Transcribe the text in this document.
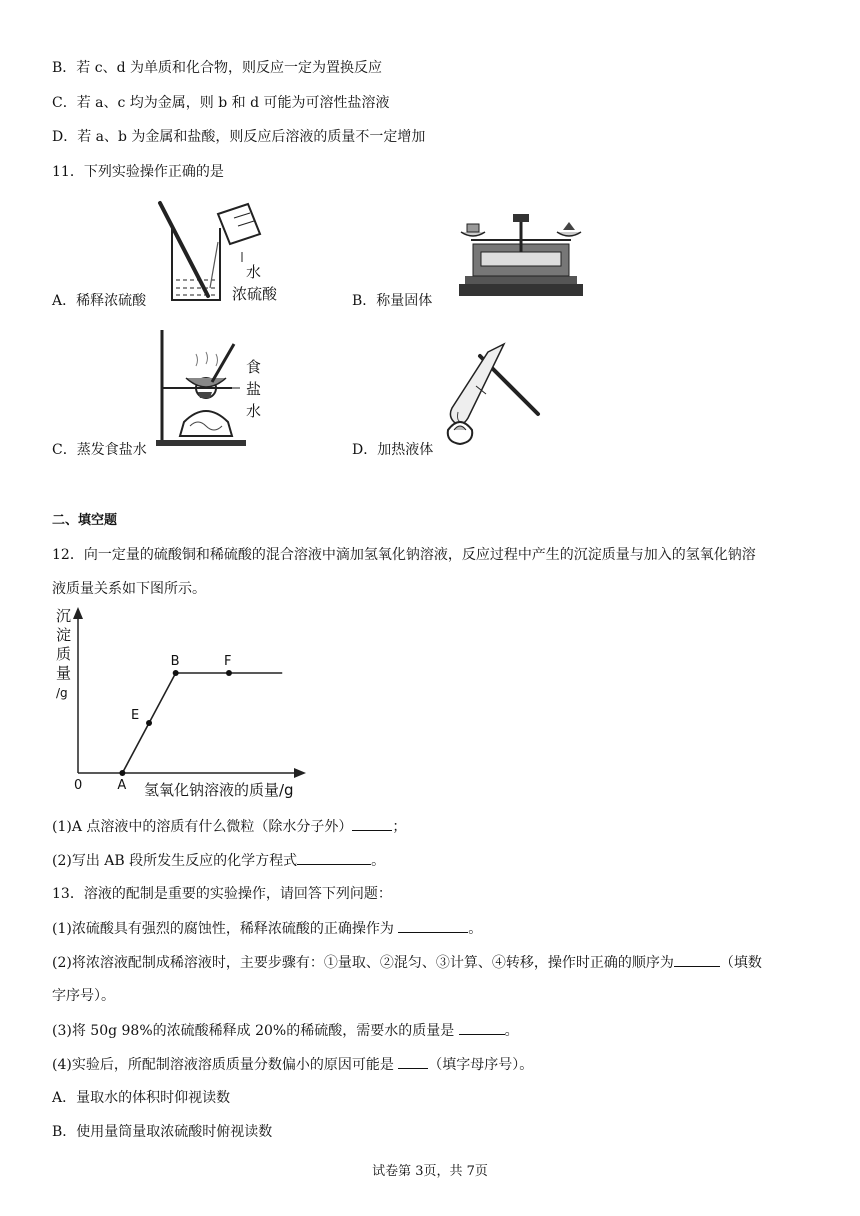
B．若 c、d 为单质和化合物，则反应一定为置换反应
C．若 a、c 均为金属，则 b 和 d 可能为可溶性盐溶液
D．若 a、b 为金属和盐酸，则反应后溶液的质量不一定增加
11．下列实验操作正确的是
A．稀释浓硫酸
水
浓硫酸	B．称量固体
C．蒸发食盐水
食
盐
水
D．加热液体
二、填空题
12．向一定量的硫酸铜和稀硫酸的混合溶液中滴加氢氧化钠溶液，反应过程中产生的沉淀质量与加入的氢氧化钠溶
液质量关系如下图所示。
沉
淀
质
量
/g
0	氢氧化钠溶液的质量/g
A
E
B	F
(1)A 点溶液中的溶质有什么微粒（除水分子外）	；
(2)写出 AB 段所发生反应的化学方程式	。
13．溶液的配制是重要的实验操作，请回答下列问题：
(1)浓硫酸具有强烈的腐蚀性，稀释浓硫酸的正确操作为	。
(2)将浓溶液配制成稀溶液时，主要步骤有：①量取、②混匀、③计算、④转移，操作时正确的顺序为	（填数
字序号）。
(3)将 50g 98%的浓硫酸稀释成 20%的稀硫酸，需要水的质量是	。
(4)实验后，所配制溶液溶质质量分数偏小的原因可能是 （填字母序号）。
A．量取水的体积时仰视读数
B．使用量筒量取浓硫酸时俯视读数
试卷第 3页，共 7页
